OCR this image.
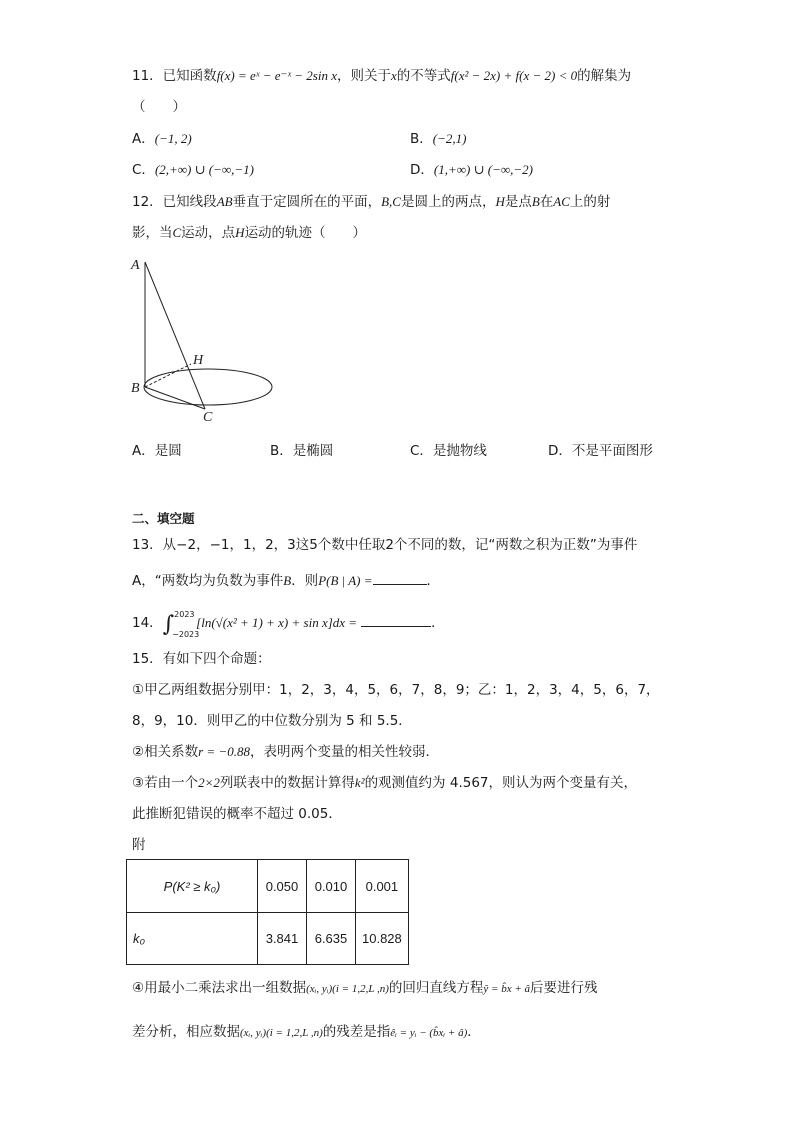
11．已知函数f(x) = eˣ − e⁻ˣ − 2sin x，则关于x的不等式f(x² − 2x) + f(x − 2) < 0的解集为
（　　）
A．(−1, 2)	B．(−2,1)
C．(2,+∞) ∪ (−∞,−1)	D．(1,+∞) ∪ (−∞,−2)
12．已知线段AB垂直于定圆所在的平面，B,C是圆上的两点，H是点B在AC上的射
影，当C运动，点H运动的轨迹（　　）
A
H
B
C
A．是圆	B．是椭圆	C．是抛物线	D．不是平面图形
二、填空题
13．从−2，−1，1，2，3这5个数中任取2个不同的数，记“两数之积为正数”为事件
A，“两数均为负数为事件B．则P(B | A) =	．
14．∫ 2023
−2023
[ln(√(x² + 1) + x) + sin x]dx =	．
15．有如下四个命题：
①甲乙两组数据分别甲：1，2，3，4，5，6，7，8，9；乙：1，2，3，4，5，6，7，
8，9，10．则甲乙的中位数分别为 5 和 5.5．
②相关系数r = −0.88，表明两个变量的相关性较弱．
③若由一个2×2列联表中的数据计算得k²的观测值约为 4.567，则认为两个变量有关，
此推断犯错误的概率不超过 0.05．
附
P(K² ≥ k₀)	0.050	0.010	0.001
k₀	3.841	6.635	10.828
④用最小二乘法求出一组数据(xᵢ, yᵢ)(i = 1,2,L ,n)的回归直线方程ŷ = b̂x + â后要进行残
差分析，相应数据(xᵢ, yᵢ)(i = 1,2,L ,n)的残差是指êᵢ = yᵢ − (b̂xᵢ + â)．
